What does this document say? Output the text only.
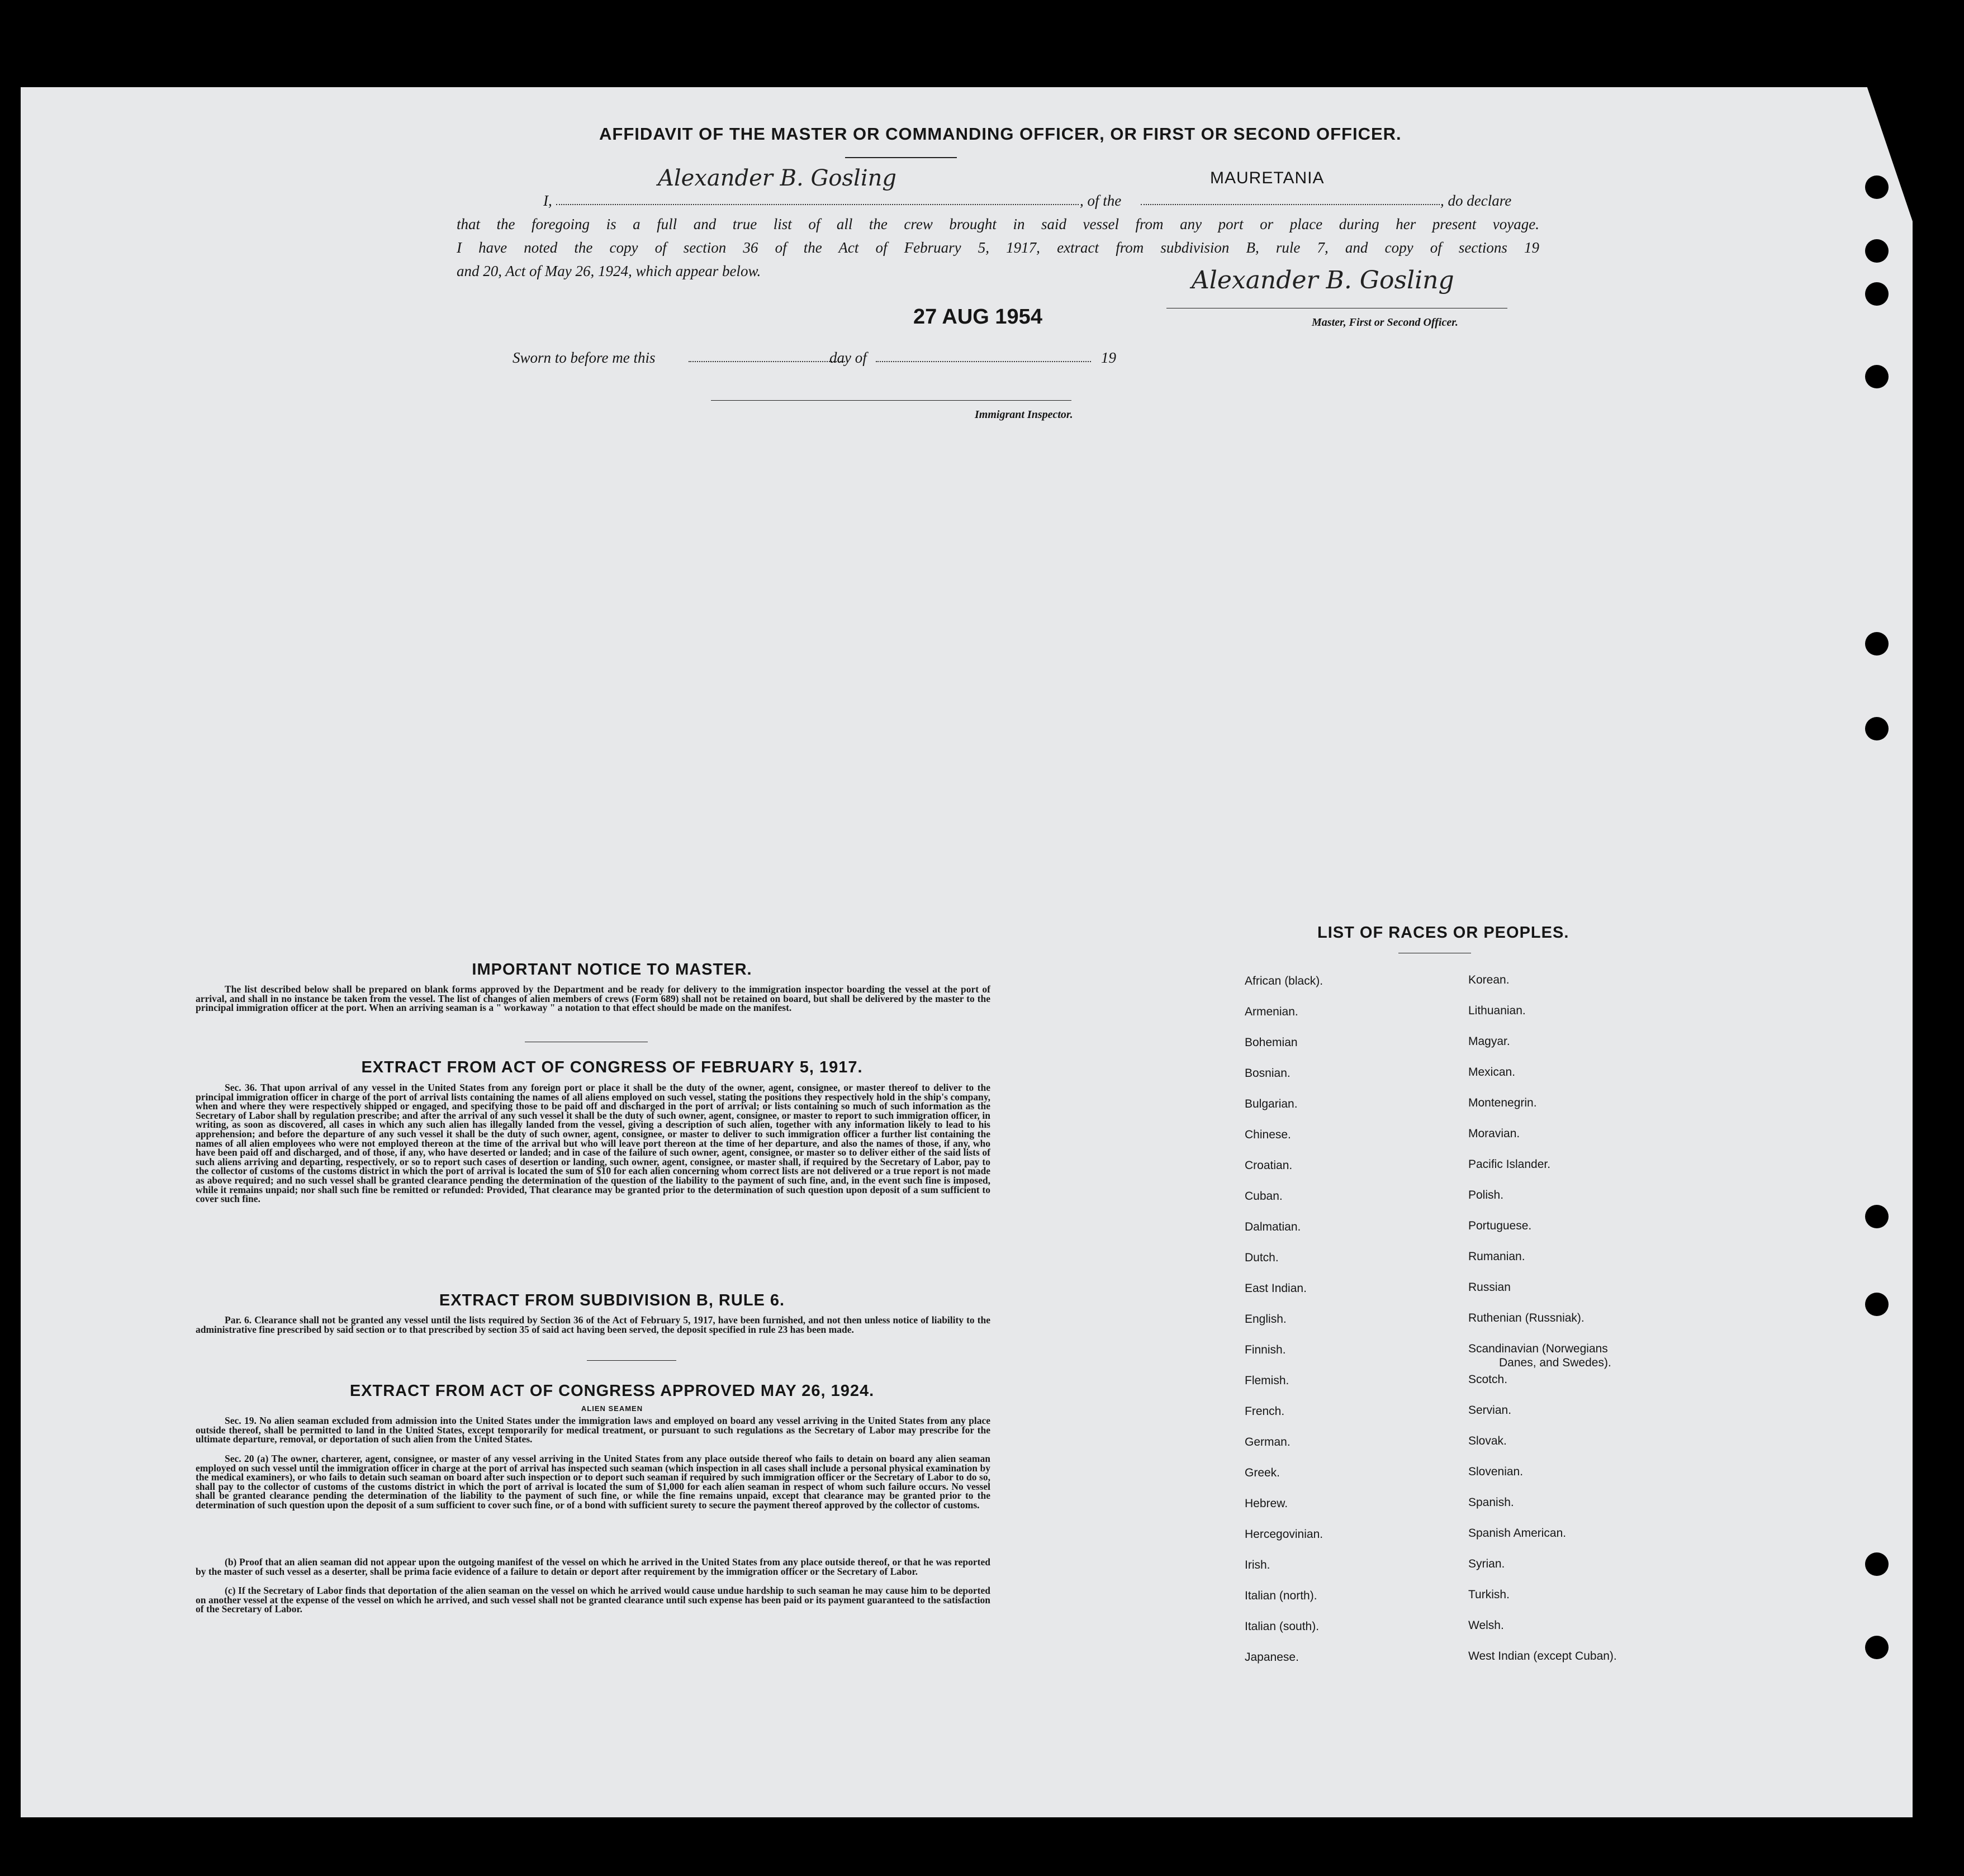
AFFIDAVIT OF THE MASTER OR COMMANDING OFFICER, OR FIRST OR SECOND OFFICER.
I,
Alexander B. Gosling
, of the
MAURETANIA
, do declare
that the foregoing is a full and true list of all the crew brought in said vessel from any port or place during her present voyage.
I have noted the copy of section 36 of the Act of February 5, 1917, extract from subdivision B, rule 7, and copy of sections 19
and 20, Act of May 26, 1924, which appear below.
27 AUG 1954
Alexander B. Gosling
Master, First or Second Officer.
Sworn to before me this	day of	19
Immigrant Inspector.
IMPORTANT NOTICE TO MASTER.
The list described below shall be prepared on blank forms approved by the Department and be ready for delivery to the immigration inspector boarding the vessel at the port of arrival, and shall in no instance be taken from the vessel. The list of changes of alien members of crews (Form 689) shall not be retained on board, but shall be delivered by the master to the principal immigration officer at the port. When an arriving seaman is a " workaway " a notation to that effect should be made on the manifest.
EXTRACT FROM ACT OF CONGRESS OF FEBRUARY 5, 1917.
Sec. 36. That upon arrival of any vessel in the United States from any foreign port or place it shall be the duty of the owner, agent, consignee, or master thereof to deliver to the principal immigration officer in charge of the port of arrival lists containing the names of all aliens employed on such vessel, stating the positions they respectively hold in the ship's company, when and where they were respectively shipped or engaged, and specifying those to be paid off and discharged in the port of arrival; or lists containing so much of such information as the Secretary of Labor shall by regulation prescribe; and after the arrival of any such vessel it shall be the duty of such owner, agent, consignee, or master to report to such immigration officer, in writing, as soon as discovered, all cases in which any such alien has illegally landed from the vessel, giving a description of such alien, together with any information likely to lead to his apprehension; and before the departure of any such vessel it shall be the duty of such owner, agent, consignee, or master to deliver to such immigration officer a further list containing the names of all alien employees who were not employed thereon at the time of the arrival but who will leave port thereon at the time of her departure, and also the names of those, if any, who have been paid off and discharged, and of those, if any, who have deserted or landed; and in case of the failure of such owner, agent, consignee, or master so to deliver either of the said lists of such aliens arriving and departing, respectively, or so to report such cases of desertion or landing, such owner, agent, consignee, or master shall, if required by the Secretary of Labor, pay to the collector of customs of the customs district in which the port of arrival is located the sum of $10 for each alien concerning whom correct lists are not delivered or a true report is not made as above required; and no such vessel shall be granted clearance pending the determination of the question of the liability to the payment of such fine, and, in the event such fine is imposed, while it remains unpaid; nor shall such fine be remitted or refunded: Provided, That clearance may be granted prior to the determination of such question upon deposit of a sum sufficient to cover such fine.
EXTRACT FROM SUBDIVISION B, RULE 6.
Par. 6. Clearance shall not be granted any vessel until the lists required by Section 36 of the Act of February 5, 1917, have been furnished, and not then unless notice of liability to the administrative fine prescribed by said section or to that prescribed by section 35 of said act having been served, the deposit specified in rule 23 has been made.
EXTRACT FROM ACT OF CONGRESS APPROVED MAY 26, 1924.
ALIEN SEAMEN
Sec. 19. No alien seaman excluded from admission into the United States under the immigration laws and employed on board any vessel arriving in the United States from any place outside thereof, shall be permitted to land in the United States, except temporarily for medical treatment, or pursuant to such regulations as the Secretary of Labor may prescribe for the ultimate departure, removal, or deportation of such alien from the United States.
Sec. 20 (a) The owner, charterer, agent, consignee, or master of any vessel arriving in the United States from any place outside thereof who fails to detain on board any alien seaman employed on such vessel until the immigration officer in charge at the port of arrival has inspected such seaman (which inspection in all cases shall include a personal physical examination by the medical examiners), or who fails to detain such seaman on board after such inspection or to deport such seaman if required by such immigration officer or the Secretary of Labor to do so, shall pay to the collector of customs of the customs district in which the port of arrival is located the sum of $1,000 for each alien seaman in respect of whom such failure occurs. No vessel shall be granted clearance pending the determination of the liability to the payment of such fine, or while the fine remains unpaid, except that clearance may be granted prior to the determination of such question upon the deposit of a sum sufficient to cover such fine, or of a bond with sufficient surety to secure the payment thereof approved by the collector of customs.
(b) Proof that an alien seaman did not appear upon the outgoing manifest of the vessel on which he arrived in the United States from any place outside thereof, or that he was reported by the master of such vessel as a deserter, shall be prima facie evidence of a failure to detain or deport after requirement by the immigration officer or the Secretary of Labor.
(c) If the Secretary of Labor finds that deportation of the alien seaman on the vessel on which he arrived would cause undue hardship to such seaman he may cause him to be deported on another vessel at the expense of the vessel on which he arrived, and such vessel shall not be granted clearance until such expense has been paid or its payment guaranteed to the satisfaction of the Secretary of Labor.
LIST OF RACES OR PEOPLES.
African (black).
Armenian.
Bohemian
Bosnian.
Bulgarian.
Chinese.
Croatian.
Cuban.
Dalmatian.
Dutch.
East Indian.
English.
Finnish.
Flemish.
French.
German.
Greek.
Hebrew.
Hercegovinian.
Irish.
Italian (north).
Italian (south).
Japanese.
Korean.
Lithuanian.
Magyar.
Mexican.
Montenegrin.
Moravian.
Pacific Islander.
Polish.
Portuguese.
Rumanian.
Russian
Ruthenian (Russniak).
Scandinavian (Norwegians
Danes, and Swedes).
Scotch.
Servian.
Slovak.
Slovenian.
Spanish.
Spanish American.
Syrian.
Turkish.
Welsh.
West Indian (except Cuban).
